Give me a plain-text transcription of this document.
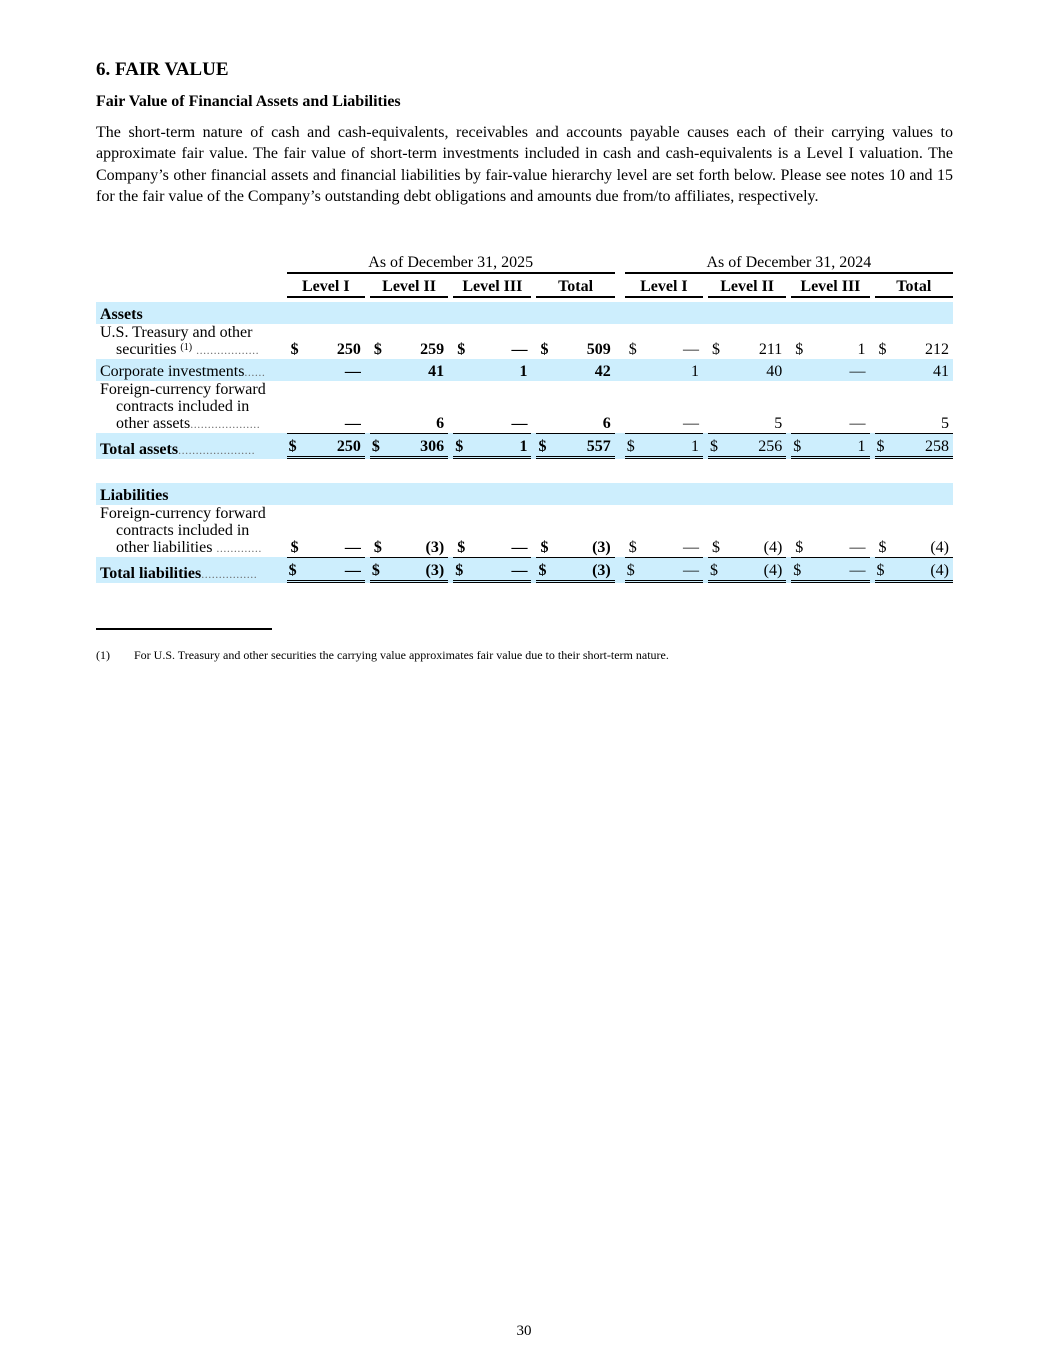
6. FAIR VALUE
Fair Value of Financial Assets and Liabilities

The short-term nature of cash and cash-equivalents, receivables and accounts payable causes each of their carrying values to approximate fair value. The fair value of short-term investments included in cash and cash-equivalents is a Level I valuation. The Company’s other financial assets and financial liabilities by fair-value hierarchy level are set forth below. Please see notes 10 and 15 for the fair value of the Company’s outstanding debt obligations and amounts due from/to affiliates, respectively.

	As of December 31, 2025												As of December 31, 2024										
	Level I			Level II			Level III			Total			Level I			Level II			Level III			Total	

Assets																							
U.S. Treasury and other
securities $^{(1)}$ ..................	$	250		$	259		$	—		$	509		$	—		$	211		$	1		$	212
Corporate investments......		—			41			1			42			1			40			—			41
Foreign-currency forward
contracts included in
other assets....................		—			6			—			6			—			5			—			5
Total assets......................	$	250		$	306		$	1		$	557		$	1		$	256		$	1		$	258

Liabilities																							
Foreign-currency forward
contracts included in
other liabilities .............	$	—		$	(3)		$	—		$	(3)		$	—		$	(4)		$	—		$	(4)
Total liabilities................	$	—		$	(3)		$	—		$	(3)		$	—		$	(4)		$	—		$	(4)
(1) For U.S. Treasury and other securities the carrying value approximates fair value due to their short-term nature.
30
